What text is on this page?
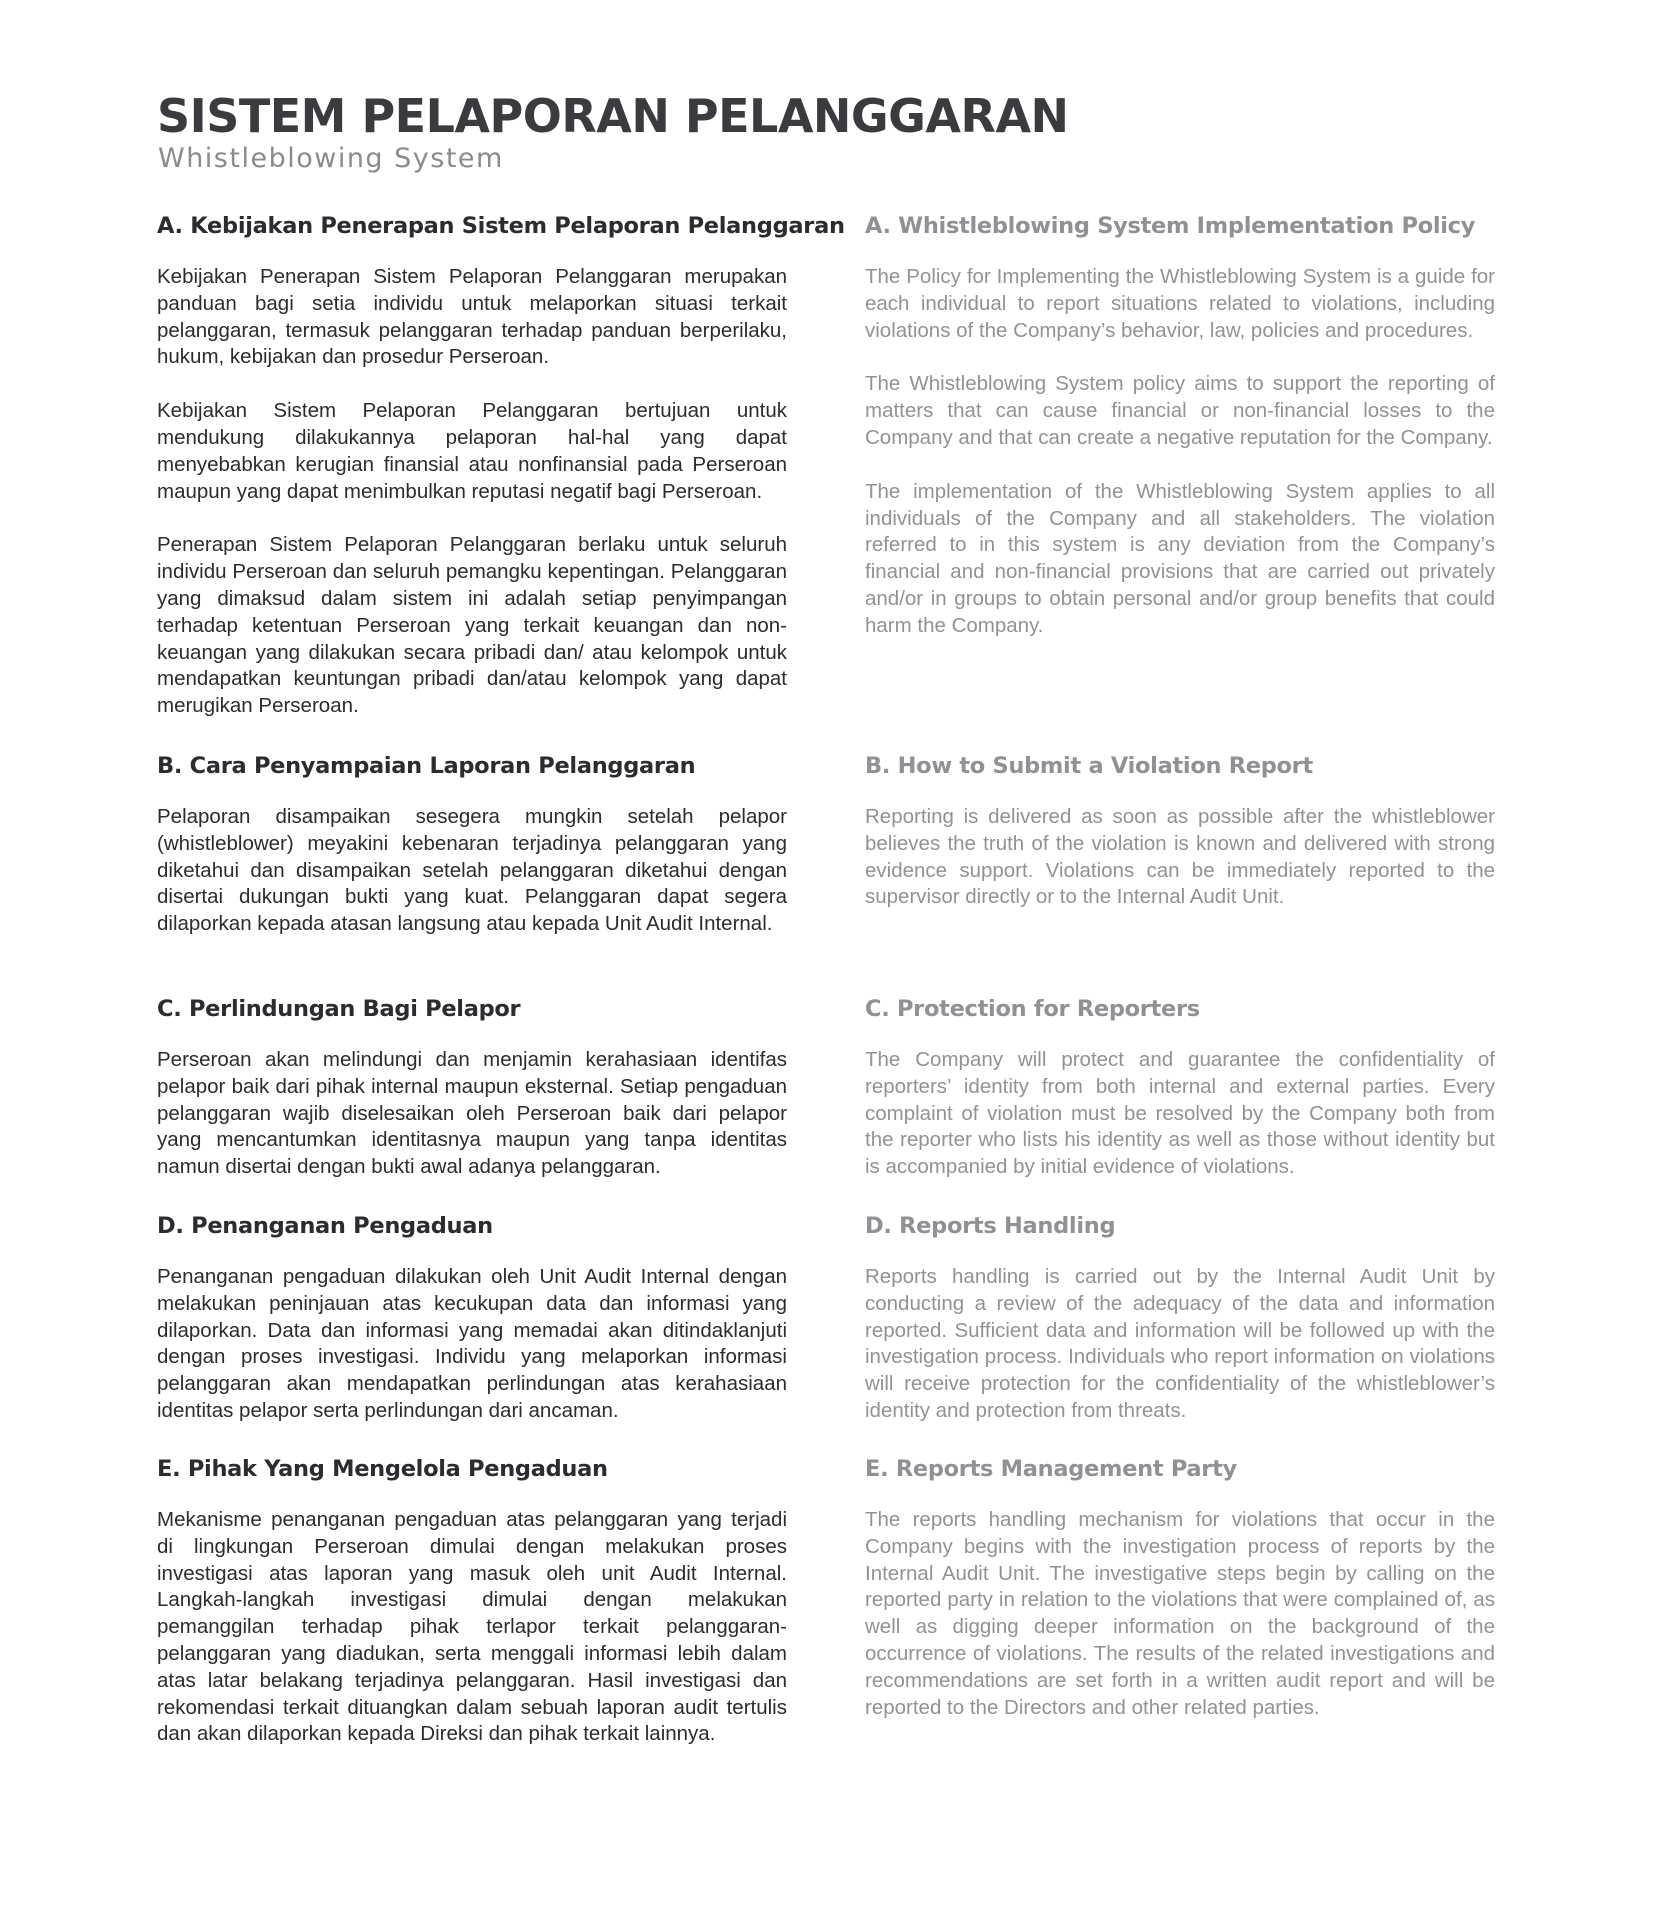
SISTEM PELAPORAN PELANGGARAN
Whistleblowing System
A. Kebijakan Penerapan Sistem Pelaporan Pelanggaran

Kebijakan Penerapan Sistem Pelaporan Pelanggaran merupakan panduan bagi setia individu untuk melaporkan situasi terkait pelanggaran, termasuk pelanggaran terhadap panduan berperilaku, hukum, kebijakan dan prosedur Perseroan.

Kebijakan Sistem Pelaporan Pelanggaran bertujuan untuk mendukung dilakukannya pelaporan hal-hal yang dapat menyebabkan kerugian finansial atau nonfinansial pada Perseroan maupun yang dapat menimbulkan reputasi negatif bagi Perseroan.

Penerapan Sistem Pelaporan Pelanggaran berlaku untuk seluruh individu Perseroan dan seluruh pemangku kepentingan. Pelanggaran yang dimaksud dalam sistem ini adalah setiap penyimpangan terhadap ketentuan Perseroan yang terkait keuangan dan non-keuangan yang dilakukan secara pribadi dan/ atau kelompok untuk mendapatkan keuntungan pribadi dan/atau kelompok yang dapat merugikan Perseroan.

B. Cara Penyampaian Laporan Pelanggaran

Pelaporan disampaikan sesegera mungkin setelah pelapor (whistleblower) meyakini kebenaran terjadinya pelanggaran yang diketahui dan disampaikan setelah pelanggaran diketahui dengan disertai dukungan bukti yang kuat. Pelanggaran dapat segera dilaporkan kepada atasan langsung atau kepada Unit Audit Internal.

C. Perlindungan Bagi Pelapor

Perseroan akan melindungi dan menjamin kerahasiaan identifas pelapor baik dari pihak internal maupun eksternal. Setiap pengaduan pelanggaran wajib diselesaikan oleh Perseroan baik dari pelapor yang mencantumkan identitasnya maupun yang tanpa identitas namun disertai dengan bukti awal adanya pelanggaran.

D. Penanganan Pengaduan

Penanganan pengaduan dilakukan oleh Unit Audit Internal dengan melakukan peninjauan atas kecukupan data dan informasi yang dilaporkan. Data dan informasi yang memadai akan ditindaklanjuti dengan proses investigasi. Individu yang melaporkan informasi pelanggaran akan mendapatkan perlindungan atas kerahasiaan identitas pelapor serta perlindungan dari ancaman.

E. Pihak Yang Mengelola Pengaduan

Mekanisme penanganan pengaduan atas pelanggaran yang terjadi di lingkungan Perseroan dimulai dengan melakukan proses investigasi atas laporan yang masuk oleh unit Audit Internal. Langkah-langkah investigasi dimulai dengan melakukan pemanggilan terhadap pihak terlapor terkait pelanggaran-pelanggaran yang diadukan, serta menggali informasi lebih dalam atas latar belakang terjadinya pelanggaran. Hasil investigasi dan rekomendasi terkait dituangkan dalam sebuah laporan audit tertulis dan akan dilaporkan kepada Direksi dan pihak terkait lainnya.

A. Whistleblowing System Implementation Policy

The Policy for Implementing the Whistleblowing System is a guide for each individual to report situations related to violations, including violations of the Company’s behavior, law, policies and procedures.

The Whistleblowing System policy aims to support the reporting of matters that can cause financial or non-financial losses to the Company and that can create a negative reputation for the Company.

The implementation of the Whistleblowing System applies to all individuals of the Company and all stakeholders. The violation referred to in this system is any deviation from the Company’s financial and non-financial provisions that are carried out privately and/or in groups to obtain personal and/or group benefits that could harm the Company.

B. How to Submit a Violation Report

Reporting is delivered as soon as possible after the whistleblower believes the truth of the violation is known and delivered with strong evidence support. Violations can be immediately reported to the supervisor directly or to the Internal Audit Unit.

C. Protection for Reporters

The Company will protect and guarantee the confidentiality of reporters’ identity from both internal and external parties. Every complaint of violation must be resolved by the Company both from the reporter who lists his identity as well as those without identity but is accompanied by initial evidence of violations.

D. Reports Handling

Reports handling is carried out by the Internal Audit Unit by conducting a review of the adequacy of the data and information reported. Sufficient data and information will be followed up with the investigation process. Individuals who report information on violations will receive protection for the confidentiality of the whistleblower’s identity and protection from threats.

E. Reports Management Party

The reports handling mechanism for violations that occur in the Company begins with the investigation process of reports by the Internal Audit Unit. The investigative steps begin by calling on the reported party in relation to the violations that were complained of, as well as digging deeper information on the background of the occurrence of violations. The results of the related investigations and recommendations are set forth in a written audit report and will be reported to the Directors and other related parties.
